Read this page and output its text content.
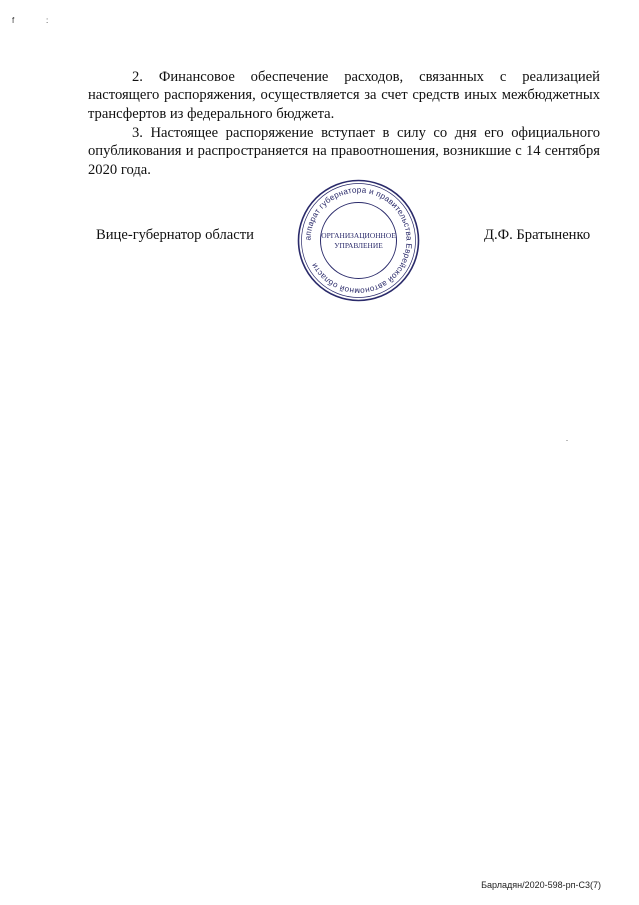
f	:

2. Финансовое обеспечение расходов, связанных с реализацией настоящего распоряжения, осуществляется за счет средств иных межбюджетных трансфертов из федерального бюджета.

3. Настоящее распоряжение вступает в силу со дня его официального опубликования и распространяется на правоотношения, возникшие с 14 сентября 2020 года.

Вице-губернатор области	Д.Ф. Братыненко
аппарат губернатора и правительства Еврейской автономной области
ОРГАНИЗАЦИОННОЕ
УПРАВЛЕНИЕ
Барладян/2020-598-рп-С3(7)
